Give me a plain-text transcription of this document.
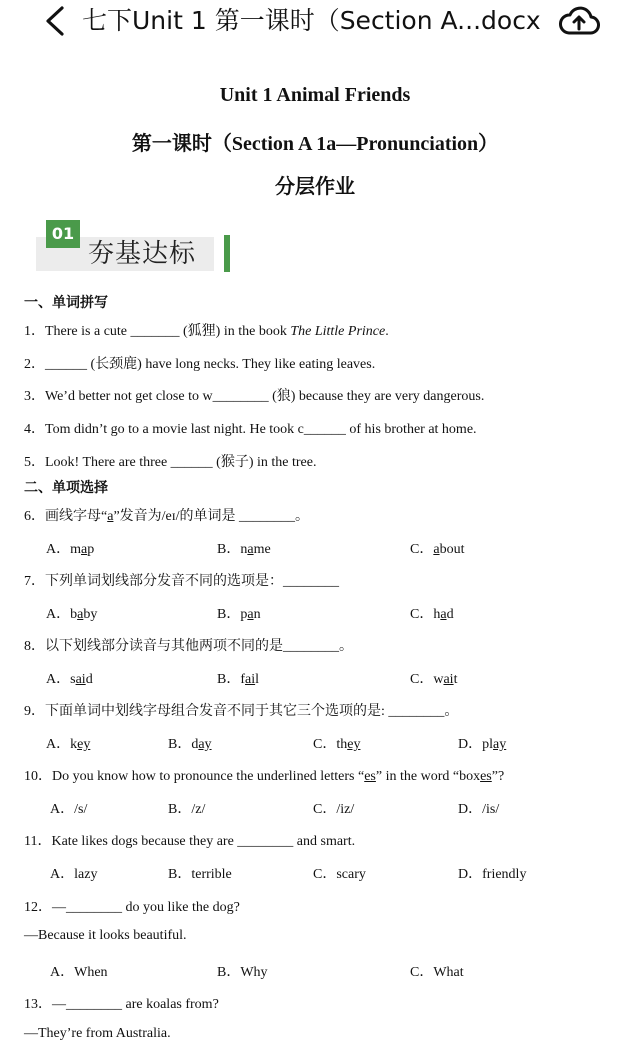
七下Unit 1 第一课时（Section A...docx
Unit 1 Animal Friends
第一课时（Section A 1a—Pronunciation）
分层作业
01
夯基达标
一、单词拼写
1．There is a cute _______ (狐狸) in the book The Little Prince.
2．______ (长颈鹿) have long necks. They like eating leaves.
3．We’d better not get close to w________ (狼) because they are very dangerous.
4．Tom didn’t go to a movie last night. He took c______ of his brother at home.
5．Look! There are three ______ (猴子) in the tree.
二、单项选择
6．画线字母“a”发音为/eɪ/的单词是 ________。
A．map	B．name	C．about
7．下列单词划线部分发音不同的选项是：________
A．baby	B．pan	C．had
8．以下划线部分读音与其他两项不同的是________。
A．said	B．fail	C．wait
9．下面单词中划线字母组合发音不同于其它三个选项的是: ________。
A．key	B．day	C．they	D．play
10．Do you know how to pronounce the underlined letters “es” in the word “boxes”?
A．/s/	B．/z/	C．/iz/	D．/is/
11．Kate likes dogs because they are ________ and smart.
A．lazy	B．terrible	C．scary	D．friendly
12．—________ do you like the dog?
—Because it looks beautiful.
A．When	B．Why	C．What
13．—________ are koalas from?
—They’re from Australia.
